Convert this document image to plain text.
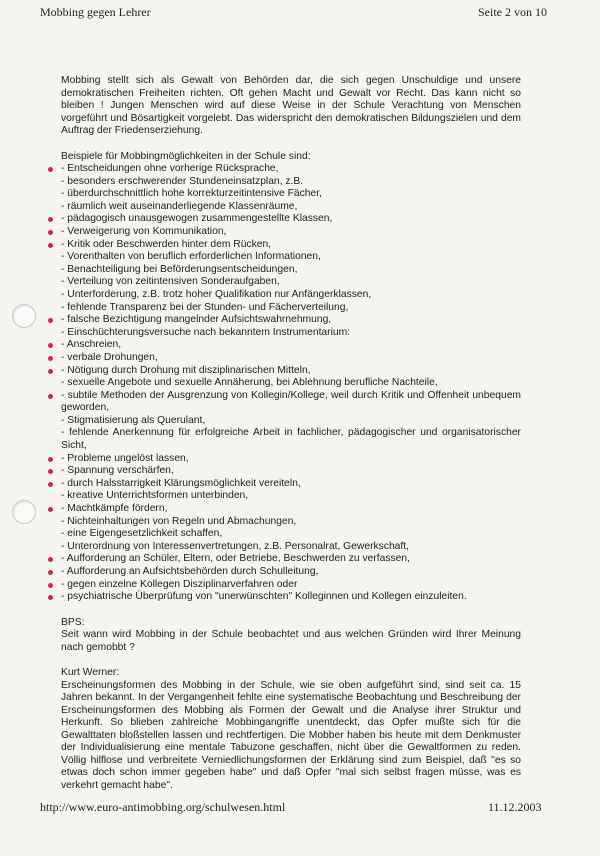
Mobbing gegen Lehrer	Seite 2 von 10

Mobbing stellt sich als Gewalt von Behörden dar, die sich gegen Unschuldige und unsere demokratischen Freiheiten richten. Oft gehen Macht und Gewalt vor Recht. Das kann nicht so bleiben ! Jungen Menschen wird auf diese Weise in der Schule Verachtung von Menschen vorgeführt und Bösartigkeit vorgelebt. Das widerspricht den demokratischen Bildungszielen und dem Auftrag der Friedenserziehung.

Beispiele für Mobbingmöglichkeiten in der Schule sind:

- Entscheidungen ohne vorherige Rücksprache,
- besonders erschwerender Stundeneinsatzplan, z.B.
- überdurchschnittlich hohe korrekturzeitintensive Fächer,
- räumlich weit auseinanderliegende Klassenräume,
- pädagogisch unausgewogen zusammengestellte Klassen,
- Verweigerung von Kommunikation,
- Kritik oder Beschwerden hinter dem Rücken,
- Vorenthalten von beruflich erforderlichen Informationen,
- Benachteiligung bei Beförderungsentscheidungen,
- Verteilung von zeitintensiven Sonderaufgaben,
- Unterforderung, z.B. trotz hoher Qualifikation nur Anfängerklassen,
- fehlende Transparenz bei der Stunden- und Fächerverteilung,
- falsche Bezichtigung mangelnder Aufsichtswahrnehmung,
- Einschüchterungsversuche nach bekanntem Instrumentarium:
- Anschreien,
- verbale Drohungen,
- Nötigung durch Drohung mit disziplinarischen Mitteln,
- sexuelle Angebote und sexuelle Annäherung, bei Ablehnung berufliche Nachteile,
- subtile Methoden der Ausgrenzung von Kollegin/Kollege, weil durch Kritik und Offenheit unbequem geworden,
- Stigmatisierung als Querulant,
- fehlende Anerkennung für erfolgreiche Arbeit in fachlicher, pädagogischer und organisatorischer Sicht,
- Probleme ungelöst lassen,
- Spannung verschärfen,
- durch Halsstarrigkeit Klärungsmöglichkeit vereiteln,
- kreative Unterrichtsformen unterbinden,
- Machtkämpfe fördern,
- Nichteinhaltungen von Regeln und Abmachungen,
- eine Eigengesetzlichkeit schaffen,
- Unterordnung von Interessenvertretungen, z.B. Personalrat, Gewerkschaft,
- Aufforderung an Schüler, Eltern, oder Betriebe, Beschwerden zu verfassen,
- Aufforderung an Aufsichtsbehörden durch Schulleitung,
- gegen einzelne Kollegen Disziplinarverfahren oder
- psychiatrische Überprüfung von "unerwünschten" Kolleginnen und Kollegen einzuleiten.

BPS:

Seit wann wird Mobbing in der Schule beobachtet und aus welchen Gründen wird Ihrer Meinung nach gemobbt ?

Kurt Werner:

Erscheinungsformen des Mobbing in der Schule, wie sie oben aufgeführt sind, sind seit ca. 15 Jahren bekannt. In der Vergangenheit fehlte eine systematische Beobachtung und Beschreibung der Erscheinungsformen des Mobbing als Formen der Gewalt und die Analyse ihrer Struktur und Herkunft. So blieben zahlreiche Mobbingangriffe unentdeckt, das Opfer mußte sich für die Gewalttaten bloßstellen lassen und rechtfertigen. Die Mobber haben bis heute mit dem Denkmuster der Individualisierung eine mentale Tabuzone geschaffen, nicht über die Gewaltformen zu reden. Völlig hilflose und verbreitete Verniedlichungsformen der Erklärung sind zum Beispiel, daß "es so etwas doch schon immer gegeben habe" und daß Opfer "mal sich selbst fragen müsse, was es verkehrt gemacht habe".

http://www.euro-antimobbing.org/schulwesen.html	11.12.2003
